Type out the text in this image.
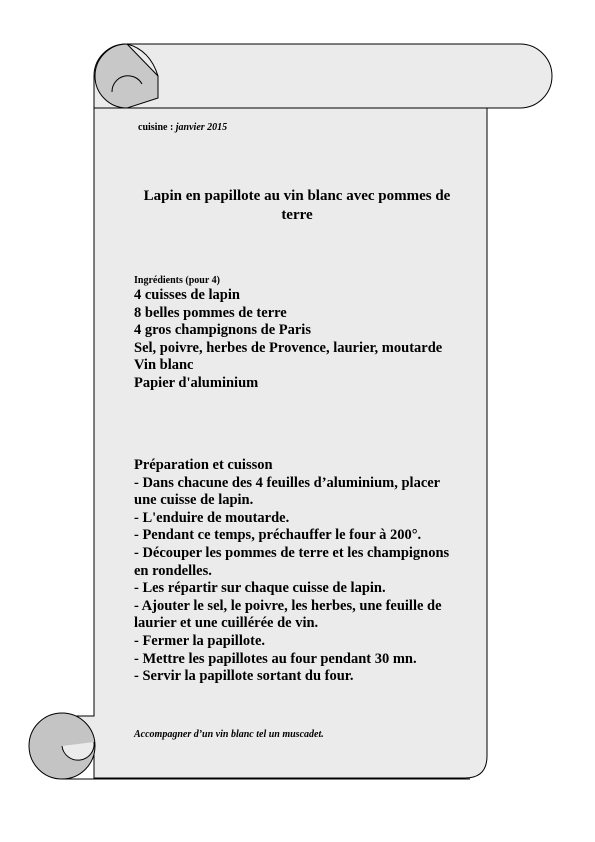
cuisine : janvier 2015
Lapin en papillote au vin blanc avec pommes de terre
Ingrédients (pour 4)
4 cuisses de lapin
8 belles pommes de terre
4 gros champignons de Paris
Sel, poivre, herbes de Provence, laurier, moutarde
Vin blanc
Papier d'aluminium
Préparation et cuisson
- Dans chacune des 4 feuilles d’aluminium, placer une cuisse de lapin.
- L'enduire de moutarde.
- Pendant ce temps, préchauffer le four à 200°.
- Découper les pommes de terre et les champignons en rondelles.
- Les répartir sur chaque cuisse de lapin.
- Ajouter le sel, le poivre, les herbes, une feuille de laurier et une cuillérée de vin.
- Fermer la papillote.
- Mettre les papillotes au four pendant 30 mn.
- Servir la papillote sortant du four.
Accompagner d’un vin blanc tel un muscadet.
